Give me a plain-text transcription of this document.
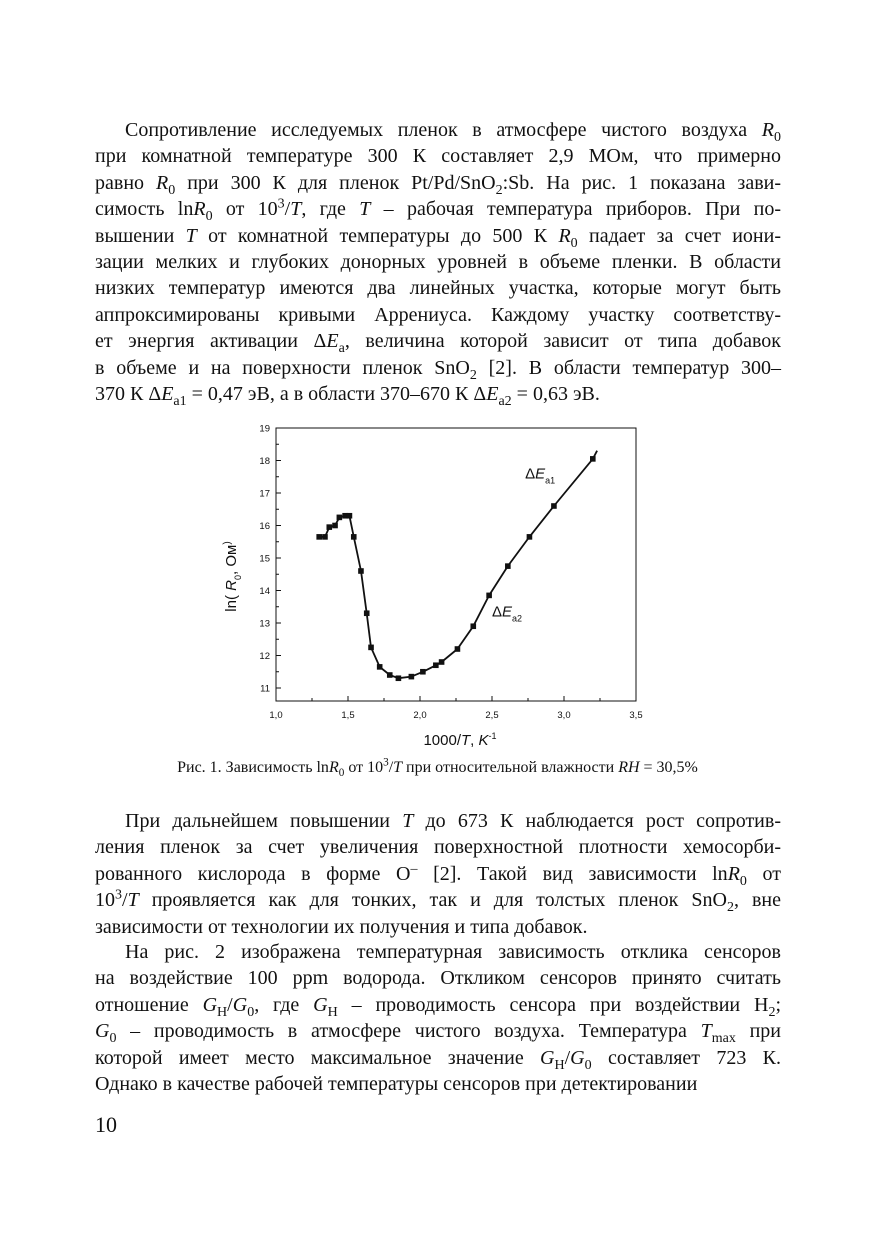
Сопротивление исследуемых пленок в атмосфере чистого воздуха $R_0$
при комнатной температуре 300 К составляет 2,9 МОм, что примерно
равно $R_0$ при 300 К для пленок Pt/Pd/SnO$_2$:Sb. На рис. 1 показана зави-
симость lnR$_0$ от $10^3/T$, где T – рабочая температура приборов. При по-
вышении T от комнатной температуры до 500 К $R_0$ падает за счет иони-
зации мелких и глубоких донорных уровней в объеме пленки. В области
низких температур имеются два линейных участка, которые могут быть
аппроксимированы кривыми Аррениуса. Каждому участку соответству-
ет энергия активации $\Delta E_a$, величина которой зависит от типа добавок
в объеме и на поверхности пленок SnO$_2$ [2]. В области температур 300–
370 К $\Delta E_{a1} = 0,47$ эВ, а в области 370–670 К $\Delta E_{a2} = 0,63$ эВ.
1,0	1,5	2,0	2,5	3,0	3,5
11
12
13
14
15
16
17
18
19
1000/T, $K^{-1}$
ln( $R_0$, Ом)
$\Delta E_{a1}$
$\Delta E_{a2}$
Рис. 1. Зависимость lnR$_0$ от $10^3/T$ при относительной влажности RH = 30,5%
При дальнейшем повышении T до 673 К наблюдается рост сопротив-
ления пленок за счет увеличения поверхностной плотности хемосорби-
рованного кислорода в форме O– [2]. Такой вид зависимости lnR$_0$ от
$10^3/T$ проявляется как для тонких, так и для толстых пленок SnO$_2$, вне
зависимости от технологии их получения и типа добавок.
На рис. 2 изображена температурная зависимость отклика сенсоров
на воздействие 100 ppm водорода. Откликом сенсоров принято считать
отношение $G_H/G_0$, где $G_H$ – проводимость сенсора при воздействии $H_2$;
$G_0$ – проводимость в атмосфере чистого воздуха. Температура $T_{max}$ при
которой имеет место максимальное значение $G_H/G_0$ составляет 723 К.
Однако в качестве рабочей температуры сенсоров при детектировании
10
